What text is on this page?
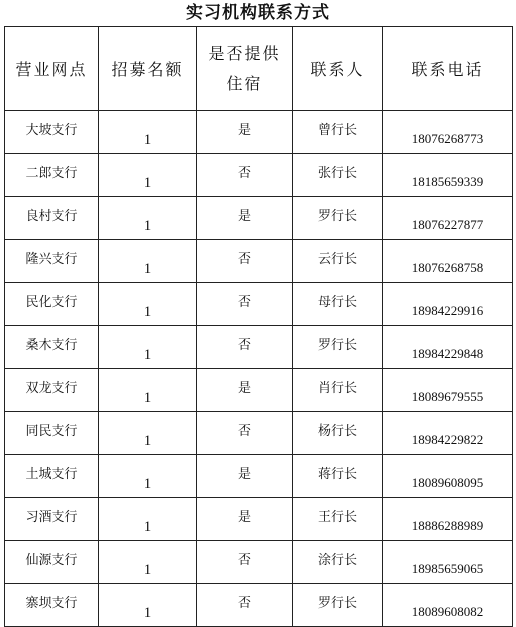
实习机构联系方式
营业网点	招募名额	是否提供住宿	联系人	联系电话
大坡支行	1	是	曾行长	18076268773
二郎支行	1	否	张行长	18185659339
良村支行	1	是	罗行长	18076227877
隆兴支行	1	否	云行长	18076268758
民化支行	1	否	母行长	18984229916
桑木支行	1	否	罗行长	18984229848
双龙支行	1	是	肖行长	18089679555
同民支行	1	否	杨行长	18984229822
土城支行	1	是	蒋行长	18089608095
习酒支行	1	是	王行长	18886288989
仙源支行	1	否	涂行长	18985659065
寨坝支行	1	否	罗行长	18089608082
